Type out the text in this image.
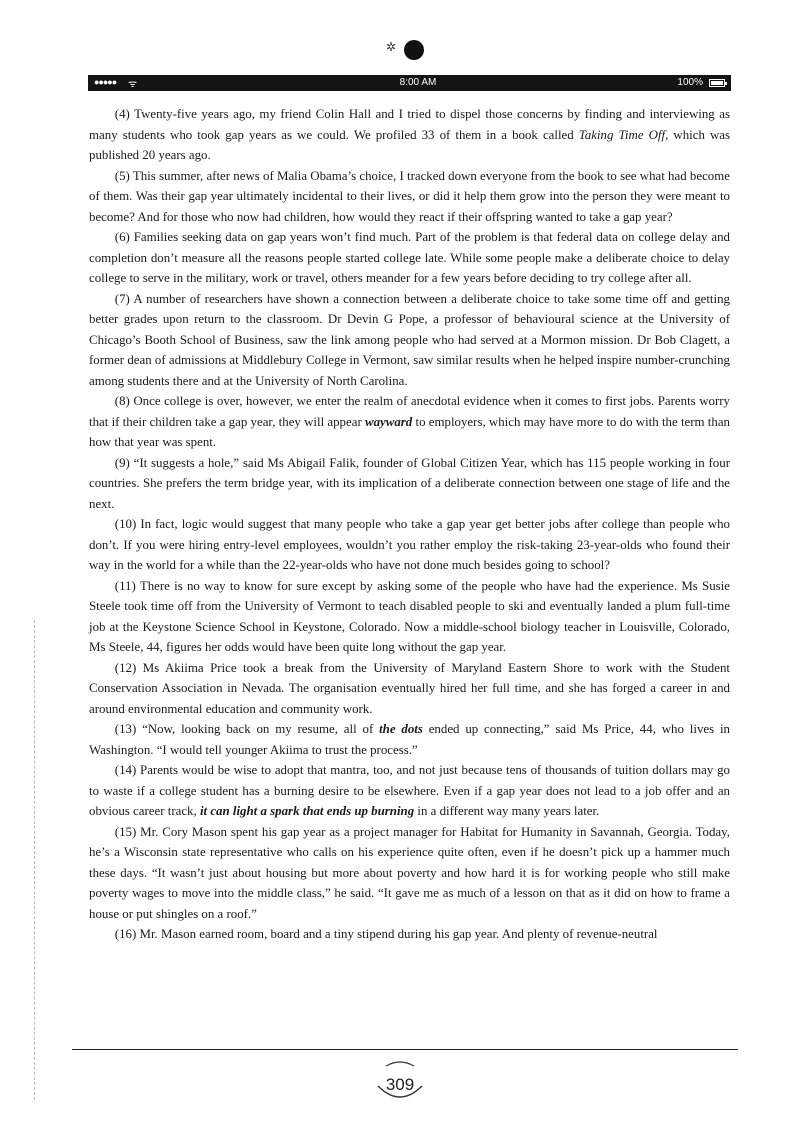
✲
●●●●● ᯤ	8:00 AM	100%

(4) Twenty-five years ago, my friend Colin Hall and I tried to dispel those concerns by finding and interviewing as many students who took gap years as we could. We profiled 33 of them in a book called Taking Time Off, which was published 20 years ago.

(5) This summer, after news of Malia Obama’s choice, I tracked down everyone from the book to see what had become of them. Was their gap year ultimately incidental to their lives, or did it help them grow into the person they were meant to become? And for those who now had children, how would they react if their offspring wanted to take a gap year?

(6) Families seeking data on gap years won’t find much. Part of the problem is that federal data on college delay and completion don’t measure all the reasons people started college late. While some people make a deliberate choice to delay college to serve in the military, work or travel, others meander for a few years before deciding to try college after all.

(7) A number of researchers have shown a connection between a deliberate choice to take some time off and getting better grades upon return to the classroom. Dr Devin G Pope, a professor of behavioural science at the University of Chicago’s Booth School of Business, saw the link among people who had served at a Mormon mission. Dr Bob Clagett, a former dean of admissions at Middlebury College in Vermont, saw similar results when he helped inspire number-crunching among students there and at the University of North Carolina.

(8) Once college is over, however, we enter the realm of anecdotal evidence when it comes to first jobs. Parents worry that if their children take a gap year, they will appear wayward to employers, which may have more to do with the term than how that year was spent.

(9) “It suggests a hole,” said Ms Abigail Falik, founder of Global Citizen Year, which has 115 people working in four countries. She prefers the term bridge year, with its implication of a deliberate connection between one stage of life and the next.

(10) In fact, logic would suggest that many people who take a gap year get better jobs after college than people who don’t. If you were hiring entry-level employees, wouldn’t you rather employ the risk-taking 23-year-olds who found their way in the world for a while than the 22-year-olds who have not done much besides going to school?

(11) There is no way to know for sure except by asking some of the people who have had the experience. Ms Susie Steele took time off from the University of Vermont to teach disabled people to ski and eventually landed a plum full-time job at the Keystone Science School in Keystone, Colorado. Now a middle-school biology teacher in Louisville, Colorado, Ms Steele, 44, figures her odds would have been quite long without the gap year.

(12) Ms Akiima Price took a break from the University of Maryland Eastern Shore to work with the Student Conservation Association in Nevada. The organisation eventually hired her full time, and she has forged a career in and around environmental education and community work.

(13) “Now, looking back on my resume, all of the dots ended up connecting,” said Ms Price, 44, who lives in Washington. “I would tell younger Akiima to trust the process.”

(14) Parents would be wise to adopt that mantra, too, and not just because tens of thousands of tuition dollars may go to waste if a college student has a burning desire to be elsewhere. Even if a gap year does not lead to a job offer and an obvious career track, it can light a spark that ends up burning in a different way many years later.

(15) Mr. Cory Mason spent his gap year as a project manager for Habitat for Humanity in Savannah, Georgia. Today, he’s a Wisconsin state representative who calls on his experience quite often, even if he doesn’t pick up a hammer much these days. “It wasn’t just about housing but more about poverty and how hard it is for working people who still make poverty wages to move into the middle class,” he said. “It gave me as much of a lesson on that as it did on how to frame a house or put shingles on a roof.”

(16) Mr. Mason earned room, board and a tiny stipend during his gap year. And plenty of revenue-neutral

309
